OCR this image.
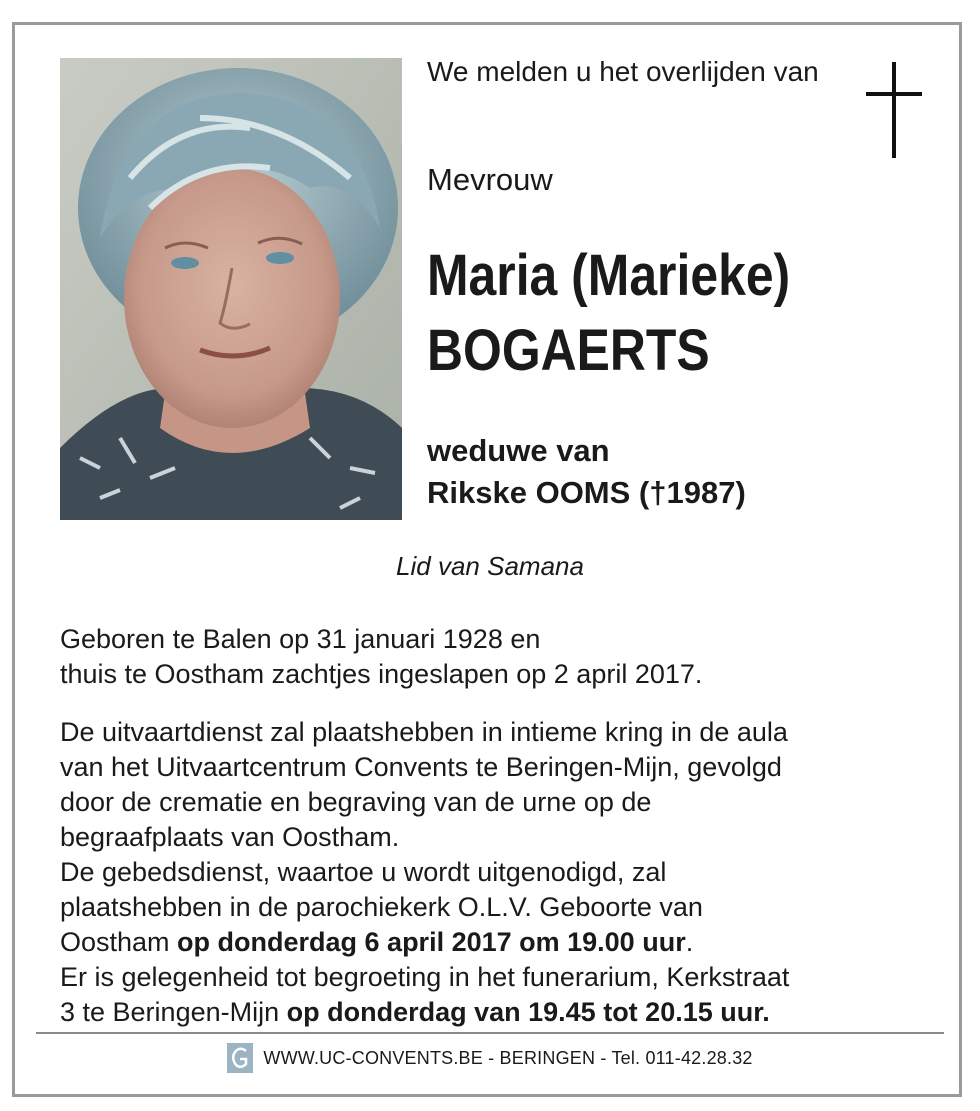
We melden u het overlijden van
Mevrouw
Maria (Marieke)
BOGAERTS
weduwe van
Rikske OOMS (†1987)
Lid van Samana
Geboren te Balen op 31 januari 1928 en
thuis te Oostham zachtjes ingeslapen op 2 april 2017.
De uitvaartdienst zal plaatshebben in intieme kring in de aula
van het Uitvaartcentrum Convents te Beringen-Mijn, gevolgd
door de crematie en begraving van de urne op de
begraafplaats van Oostham.
De gebedsdienst, waartoe u wordt uitgenodigd, zal
plaatshebben in de parochiekerk O.L.V. Geboorte van
Oostham op donderdag 6 april 2017 om 19.00 uur.
Er is gelegenheid tot begroeting in het funerarium, Kerkstraat
3 te Beringen-Mijn op donderdag van 19.45 tot 20.15 uur.
WWW.UC-CONVENTS.BE - BERINGEN - Tel. 011-42.28.32
